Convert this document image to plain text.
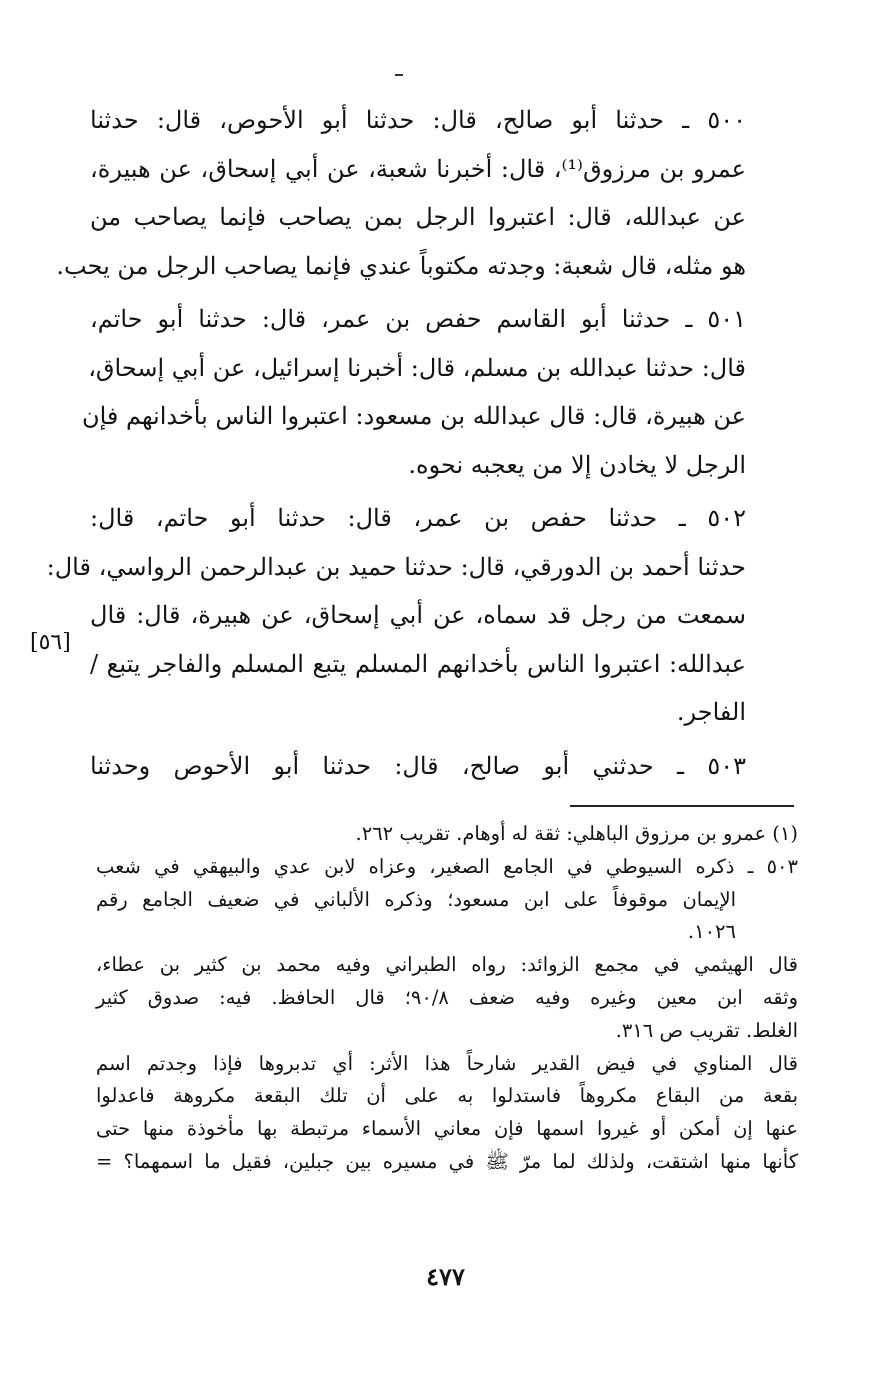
٥٠٠ ـ حدثنا أبو صالح، قال: حدثنا أبو الأحوص، قال: حدثنا
عمرو بن مرزوق⁽¹⁾، قال: أخبرنا شعبة، عن أبي إسحاق، عن هبيرة،
عن عبدالله، قال: اعتبروا الرجل بمن يصاحب فإنما يصاحب من
هو مثله، قال شعبة: وجدته مكتوباً عندي فإنما يصاحب الرجل من يحب.
٥٠١ ـ حدثنا أبو القاسم حفص بن عمر، قال: حدثنا أبو حاتم،
قال: حدثنا عبدالله بن مسلم، قال: أخبرنا إسرائيل، عن أبي إسحاق،
عن هبيرة، قال: قال عبدالله بن مسعود: اعتبروا الناس بأخدانهم فإن
الرجل لا يخادن إلا من يعجبه نحوه.
٥٠٢ ـ حدثنا حفص بن عمر، قال: حدثنا أبو حاتم، قال:
حدثنا أحمد بن الدورقي، قال: حدثنا حميد بن عبدالرحمن الرواسي، قال:
سمعت من رجل قد سماه، عن أبي إسحاق، عن هبيرة، قال: قال
عبدالله: اعتبروا الناس بأخدانهم المسلم يتبع المسلم والفاجر يتبع /
الفاجر.
٥٠٣ ـ حدثني أبو صالح، قال: حدثنا أبو الأحوص وحدثنا
[٥٦]
(١) عمرو بن مرزوق الباهلي: ثقة له أوهام. تقريب ٢٦٢.
٥٠٣ ـ ذكره السيوطي في الجامع الصغير، وعزاه لابن عدي والبيهقي في شعب
الإيمان موقوفاً على ابن مسعود؛ وذكره الألباني في ضعيف الجامع رقم
١٠٢٦.
قال الهيثمي في مجمع الزوائد: رواه الطبراني وفيه محمد بن كثير بن عطاء،
وثقه ابن معين وغيره وفيه ضعف ٩٠/٨؛ قال الحافظ. فيه: صدوق كثير
الغلط. تقريب ص ٣١٦.
قال المناوي في فيض القدير شارحاً هذا الأثر: أي تدبروها فإذا وجدتم اسم
بقعة من البقاع مكروهاً فاستدلوا به على أن تلك البقعة مكروهة فاعدلوا
عنها إن أمكن أو غيروا اسمها فإن معاني الأسماء مرتبطة بها مأخوذة منها حتى
كأنها منها اشتقت، ولذلك لما مرّ ﷺ في مسيره بين جبلين، فقيل ما اسمهما؟ =
٤٧٧
